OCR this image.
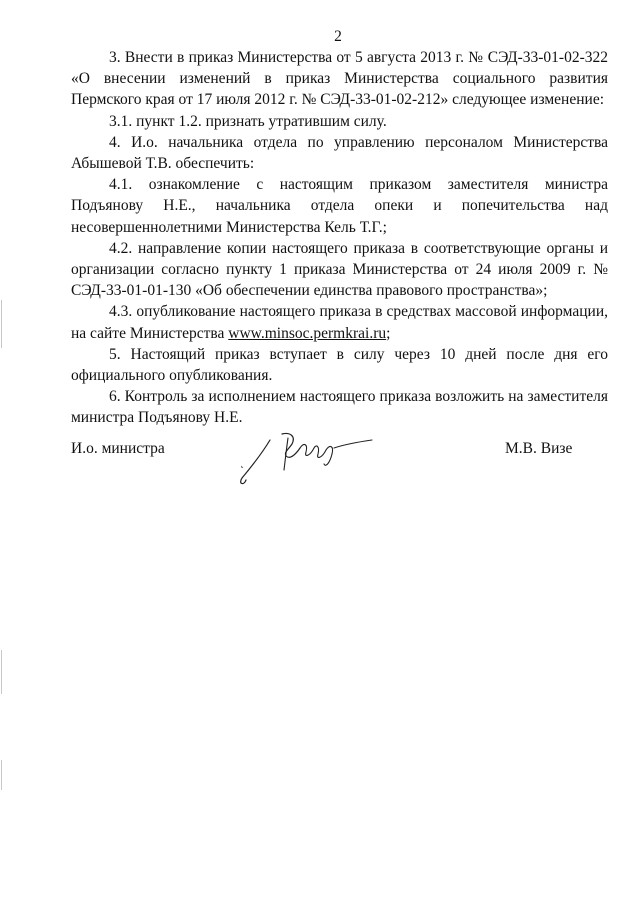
2

3. Внести в приказ Министерства от 5 августа 2013 г. № СЭД-33-01-02-322 «О внесении изменений в приказ Министерства социального развития Пермского края от 17 июля 2012 г. № СЭД-33-01-02-212» следующее изменение:

3.1. пункт 1.2. признать утратившим силу.

4. И.о. начальника отдела по управлению персоналом Министерства Абышевой Т.В. обеспечить:

4.1. ознакомление с настоящим приказом заместителя министра Подъянову Н.Е., начальника отдела опеки и попечительства над несовершеннолетними Министерства Кель Т.Г.;

4.2. направление копии настоящего приказа в соответствующие органы и организации согласно пункту 1 приказа Министерства от 24 июля 2009 г. № СЭД-33-01-01-130 «Об обеспечении единства правового пространства»;

4.3. опубликование настоящего приказа в средствах массовой информации, на сайте Министерства www.minsoc.permkrai.ru;

5. Настоящий приказ вступает в силу через 10 дней после дня его официального опубликования.

6. Контроль за исполнением настоящего приказа возложить на заместителя министра Подъянову Н.Е.

И.о. министра	М.В. Визе
